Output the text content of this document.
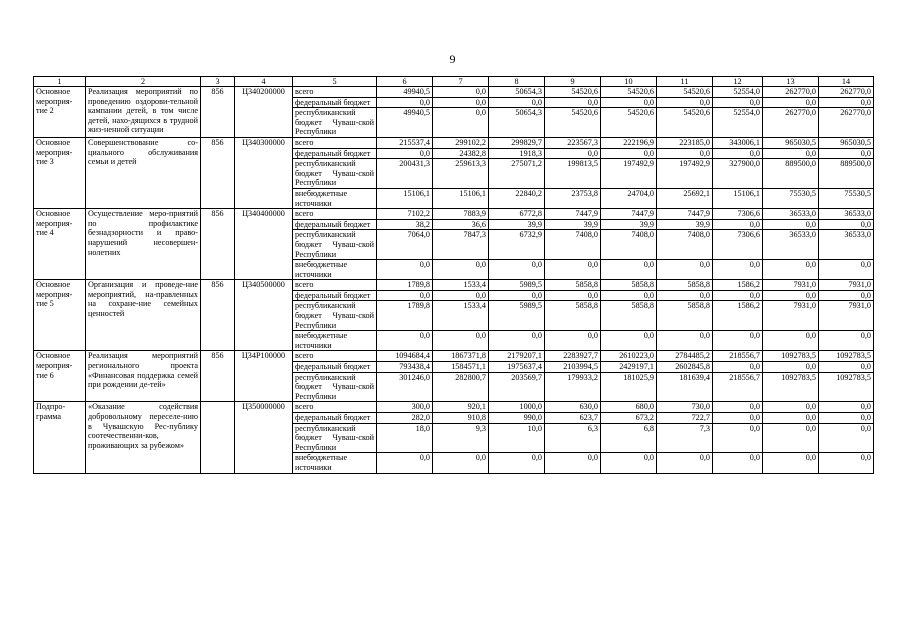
9
1	2	3	4	5	6	7	8	9	10	11	12	13	14
Основное мероприя-тие 2	Реализация мероприятий по проведению оздорови-тельной кампании детей, в том числе детей, нахо-дящихся в трудной жиз-ненной ситуации	856	Ц340200000	всего	49940,5	0,0	50654,3	54520,6	54520,6	54520,6	52554,0	262770,0	262770,0
				федеральный бюджет	0,0	0,0	0,0	0,0	0,0	0,0	0,0	0,0	0,0
				республиканский бюджет Чуваш-ской Республики	49940,5	0,0	50654,3	54520,6	54520,6	54520,6	52554,0	262770,0	262770,0
Основное мероприя-тие 3	Совершенствование со-циального обслуживания семьи и детей	856	Ц340300000	всего	215537,4	299102,2	299829,7	223567,3	222196,9	223185,0	343006,1	965030,5	965030,5
				федеральный бюджет	0,0	24382,8	1918,3	0,0	0,0	0,0	0,0	0,0	0,0
				республиканский бюджет Чуваш-ской Республики	200431,3	259613,3	275071,2	199813,5	197492,9	197492,9	327900,0	889500,0	889500,0
				внебюджетные источники	15106,1	15106,1	22840,2	23753,8	24704,0	25692,1	15106,1	75530,5	75530,5
Основное мероприя-тие 4	Осуществление меро-приятий по профилактике безнадзорности и право-нарушений несовершен-нолетних	856	Ц340400000	всего	7102,2	7883,9	6772,8	7447,9	7447,9	7447,9	7306,6	36533,0	36533,0
				федеральный бюджет	38,2	36,6	39,9	39,9	39,9	39,9	0,0	0,0	0,0
				республиканский бюджет Чуваш-ской Республики	7064,0	7847,3	6732,9	7408,0	7408,0	7408,0	7306,6	36533,0	36533,0
				внебюджетные источники	0,0	0,0	0,0	0,0	0,0	0,0	0,0	0,0	0,0
Основное мероприя-тие 5	Организация и проведе-ние мероприятий, на-правленных на сохране-ние семейных ценностей	856	Ц340500000	всего	1789,8	1533,4	5989,5	5858,8	5858,8	5858,8	1586,2	7931,0	7931,0
				федеральный бюджет	0,0	0,0	0,0	0,0	0,0	0,0	0,0	0,0	0,0
				республиканский бюджет Чуваш-ской Республики	1789,8	1533,4	5989,5	5858,8	5858,8	5858,8	1586,2	7931,0	7931,0
				внебюджетные источники	0,0	0,0	0,0	0,0	0,0	0,0	0,0	0,0	0,0
Основное мероприя-тие 6	Реализация мероприятий регионального проекта «Финансовая поддержка семей при рождении де-тей»	856	Ц34P100000	всего	1094684,4	1867371,8	2179207,1	2283927,7	2610223,0	2784485,2	218556,7	1092783,5	1092783,5
				федеральный бюджет	793438,4	1584571,1	1975637,4	2103994,5	2429197,1	2602845,8	0,0	0,0	0,0
				республиканский бюджет Чуваш-ской Республики	301246,0	282800,7	203569,7	179933,2	181025,9	181639,4	218556,7	1092783,5	1092783,5
Подпро-грамма	«Оказание содействия добровольному переселе-нию в Чувашскую Рес-публику соотечественни-ков, проживающих за рубежом»		Ц350000000	всего	300,0	920,1	1000,0	630,0	680,0	730,0	0,0	0,0	0,0
				федеральный бюджет	282,0	910,8	990,0	623,7	673,2	722,7	0,0	0,0	0,0
				республиканский бюджет Чуваш-ской Республики	18,0	9,3	10,0	6,3	6,8	7,3	0,0	0,0	0,0
				внебюджетные источники	0,0	0,0	0,0	0,0	0,0	0,0	0,0	0,0	0,0
